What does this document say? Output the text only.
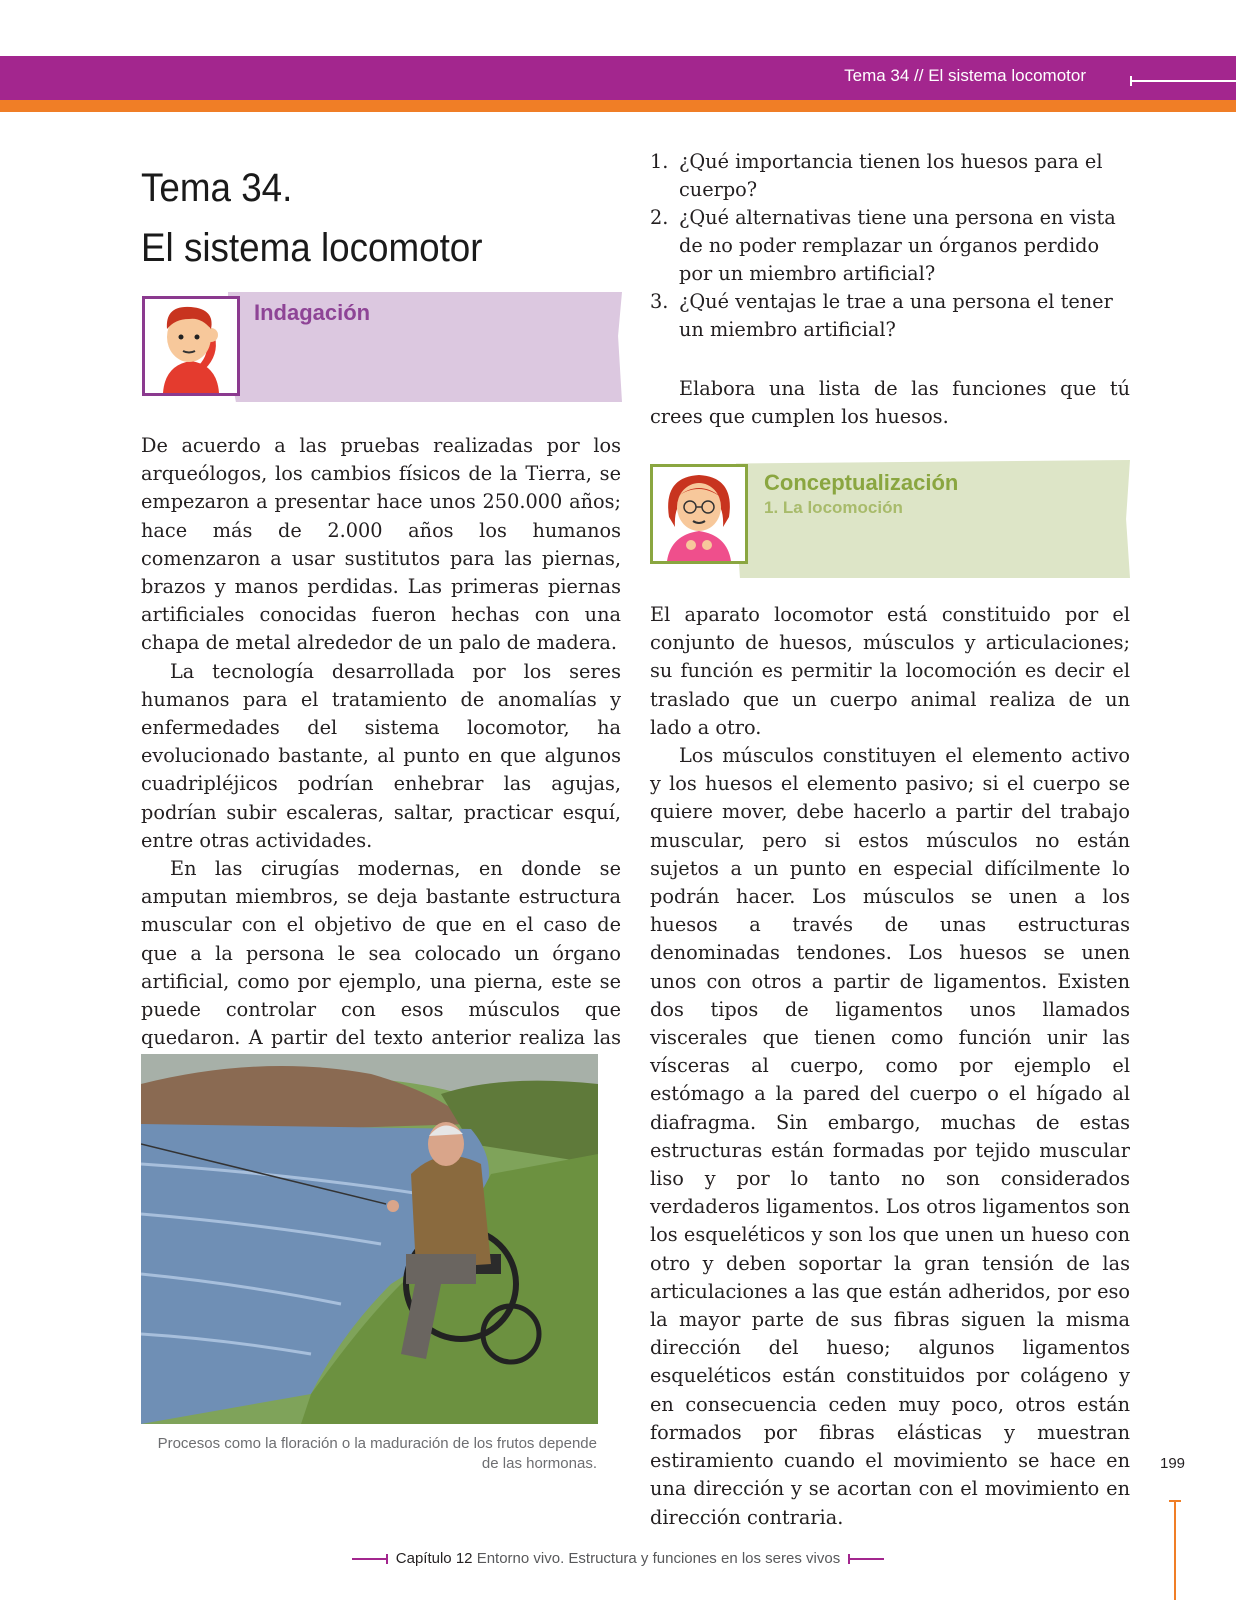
Tema 34 // El sistema locomotor
Tema 34.
El sistema locomotor
Indagación

De acuerdo a las pruebas realizadas por los arqueólogos, los cambios físicos de la Tierra, se empezaron a presentar hace unos 250.000 años; hace más de 2.000 años los humanos comenzaron a usar sustitutos para las piernas, brazos y manos perdidas. Las primeras piernas artificiales conocidas fueron hechas con una chapa de metal alrededor de un palo de madera.

La tecnología desarrollada por los seres humanos para el tratamiento de anomalías y enfermedades del sistema locomotor, ha evolucionado bastante, al punto en que algunos cuadripléjicos podrían enhebrar las agujas, podrían subir escaleras, saltar, practicar esquí, entre otras actividades.

En las cirugías modernas, en donde se amputan miembros, se deja bastante estructura muscular con el objetivo de que en el caso de que a la persona le sea colocado un órgano artificial, como por ejemplo, una pierna, este se puede controlar con esos músculos que quedaron. A partir del texto anterior realiza las

Procesos como la floración o la maduración de los frutos depende de las hormonas.
1. ¿Qué importancia tienen los huesos para el cuerpo?
2. ¿Qué alternativas tiene una persona en vista de no poder remplazar un órganos perdido por un miembro artificial?
3. ¿Qué ventajas le trae a una persona el tener un miembro artificial?

Elabora una lista de las funciones que tú crees que cumplen los huesos.

Conceptualización
1. La locomoción

El aparato locomotor está constituido por el conjunto de huesos, músculos y articulaciones; su función es permitir la locomoción es decir el traslado que un cuerpo animal realiza de un lado a otro.

Los músculos constituyen el elemento activo y los huesos el elemento pasivo; si el cuerpo se quiere mover, debe hacerlo a partir del trabajo muscular, pero si estos músculos no están sujetos a un punto en especial difícilmente lo podrán hacer. Los músculos se unen a los huesos a través de unas estructuras denominadas tendones. Los huesos se unen unos con otros a partir de ligamentos. Existen dos tipos de ligamentos unos llamados viscerales que tienen como función unir las vísceras al cuerpo, como por ejemplo el estómago a la pared del cuerpo o el hígado al diafragma. Sin embargo, muchas de estas estructuras están formadas por tejido muscular liso y por lo tanto no son considerados verdaderos ligamentos. Los otros ligamentos son los esqueléticos y son los que unen un hueso con otro y deben soportar la gran tensión de las articulaciones a las que están adheridos, por eso la mayor parte de sus fibras siguen la misma dirección del hueso; algunos ligamentos esqueléticos están constituidos por colágeno y en consecuencia ceden muy poco, otros están formados por fibras elásticas y muestran estiramiento cuando el movimiento se hace en una dirección y se acortan con el movimiento en dirección contraria.

199
Capítulo 12 Entorno vivo. Estructura y funciones en los seres vivos
